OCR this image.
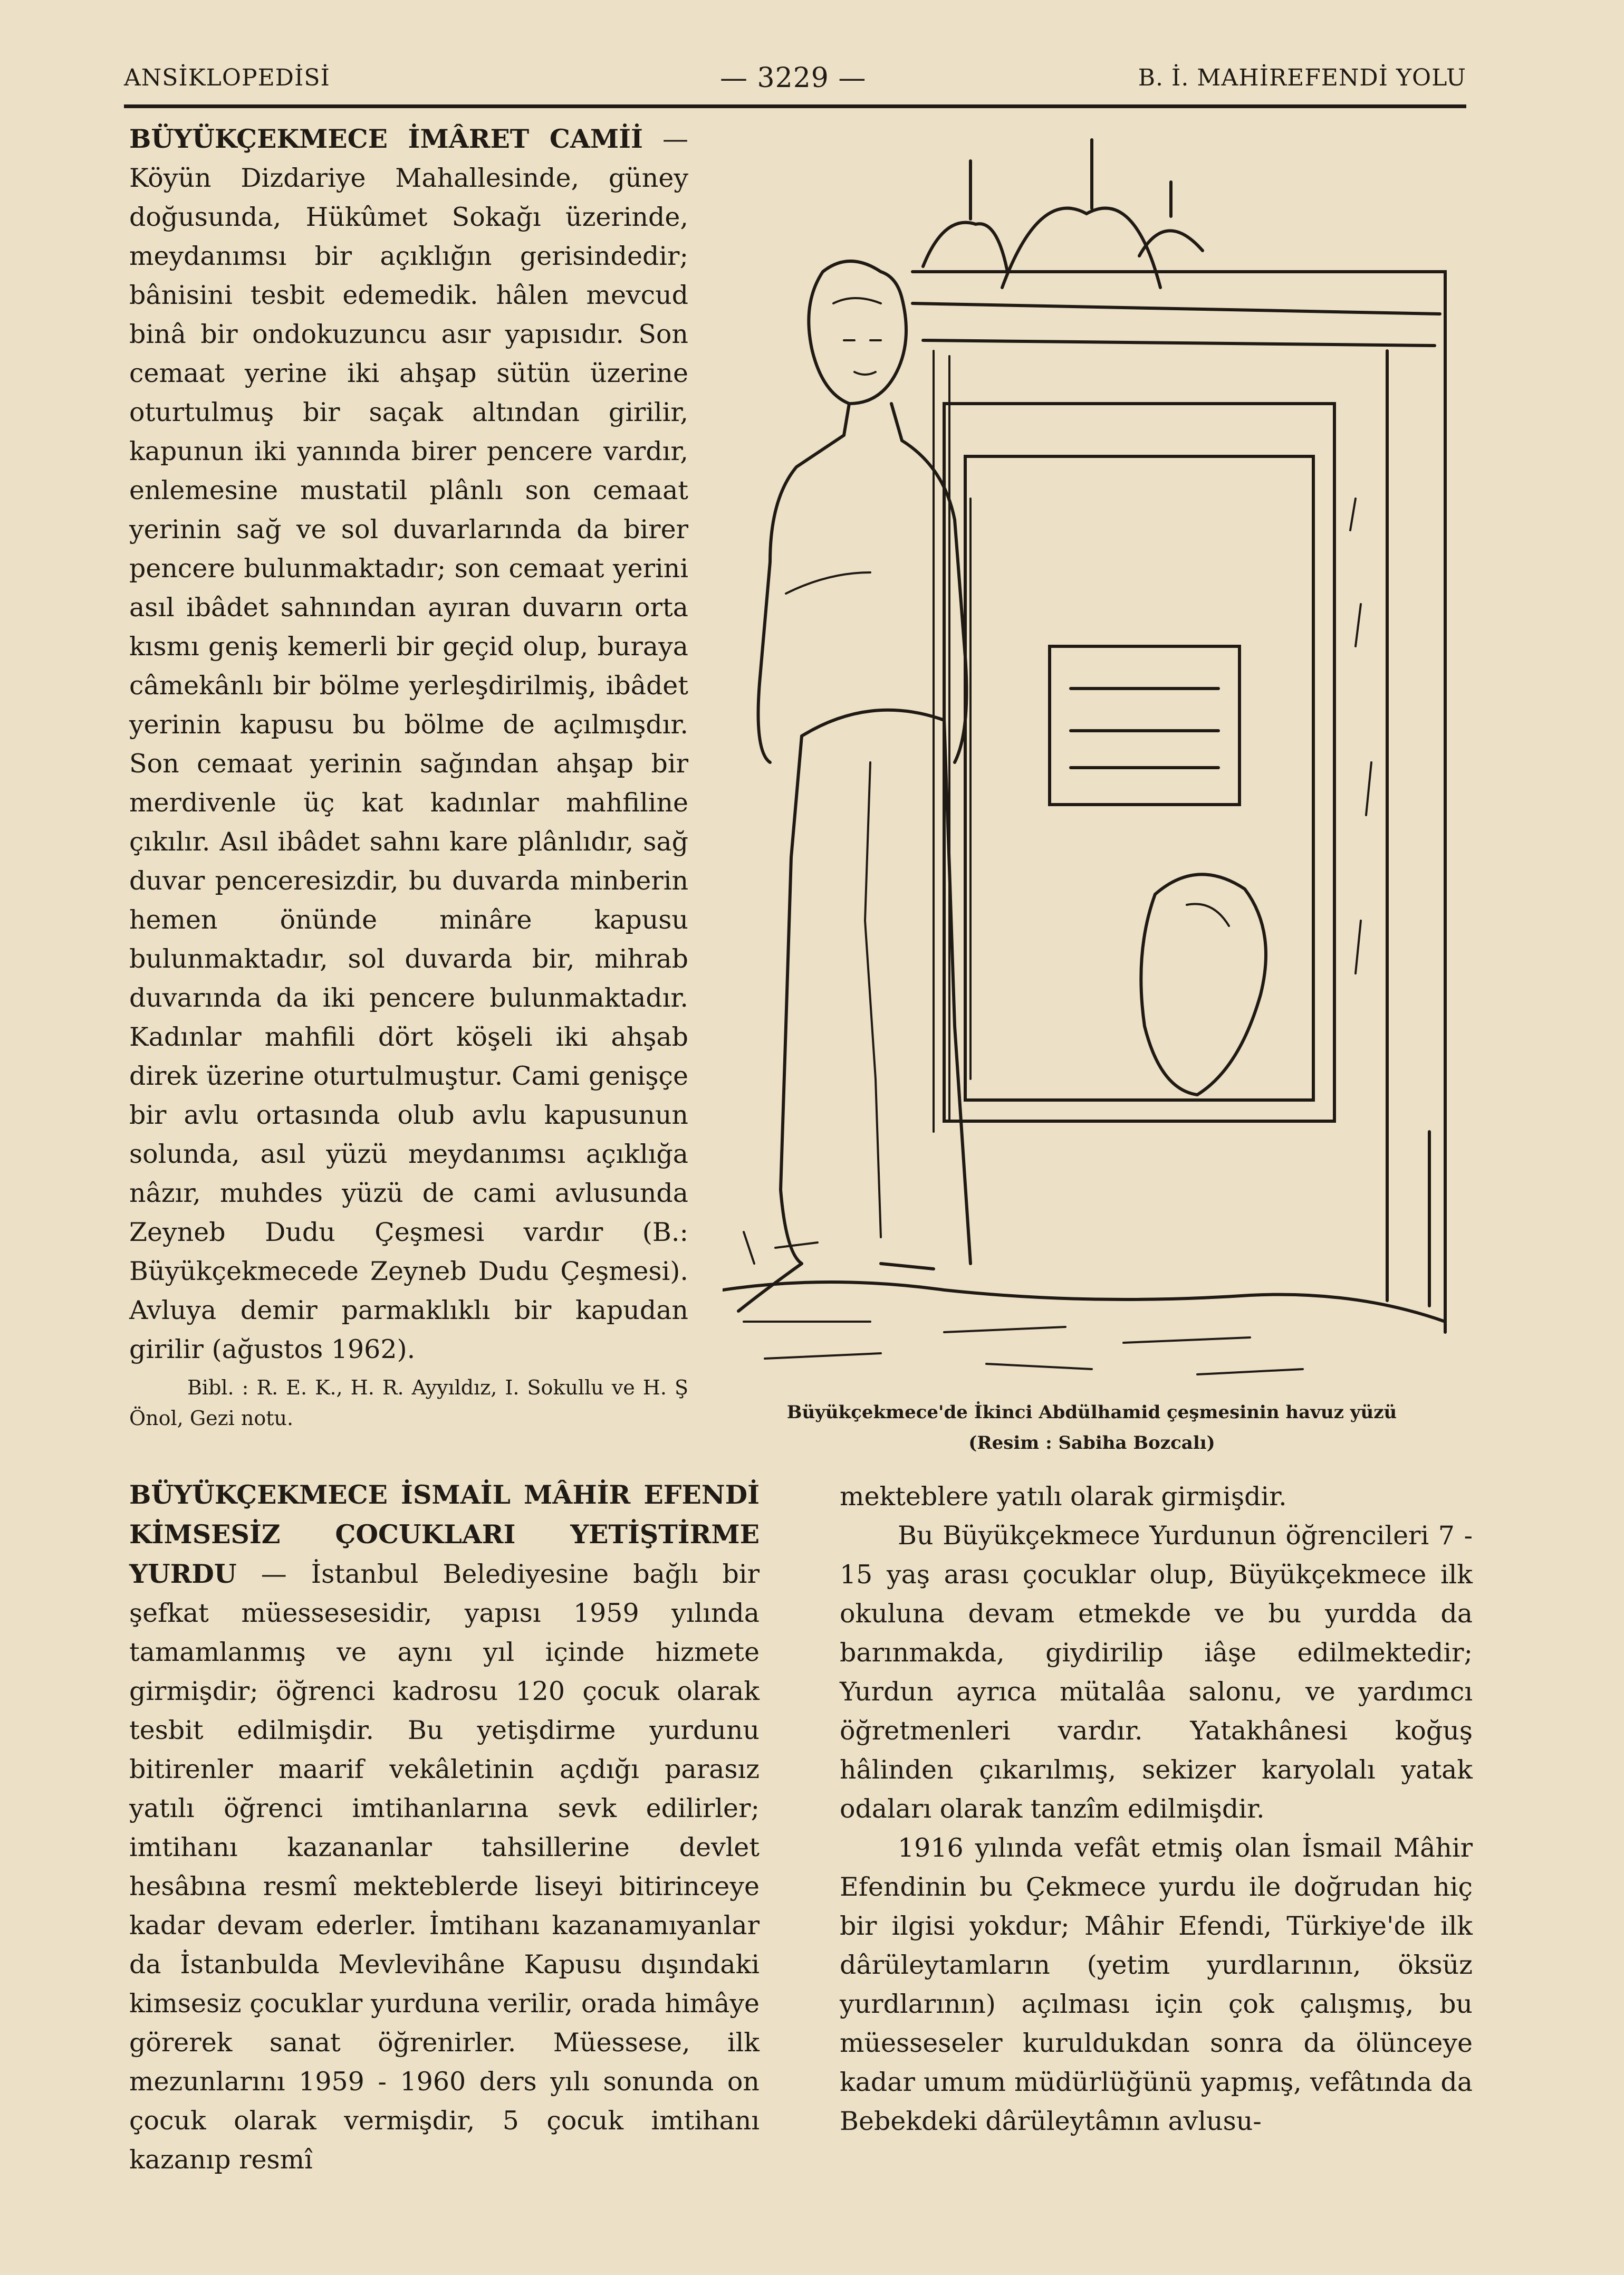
ANSİKLOPEDİSİ	— 3229 —	B. İ. MAHİREFENDİ YOLU

BÜYÜKÇEKMECE İMÂRET CAMİİ — Köyün Dizdariye Mahallesinde, güney doğusunda, Hükûmet Sokağı üzerinde, meydanımsı bir açıklığın gerisindedir; bânisini tesbit edemedik. hâlen mevcud binâ bir ondokuzuncu asır yapısıdır. Son cemaat yerine iki ahşap sütün üzerine oturtulmuş bir saçak altından girilir, kapunun iki yanında birer pencere vardır, enlemesine mustatil plânlı son cemaat yerinin sağ ve sol duvarlarında da birer pencere bulunmaktadır; son cemaat yerini asıl ibâdet sahnından ayıran duvarın orta kısmı geniş kemerli bir geçid olup, buraya câmekânlı bir bölme yerleşdirilmiş, ibâdet yerinin kapusu bu bölme de açılmışdır. Son cemaat yerinin sağından ahşap bir merdivenle üç kat kadınlar mahfiline çıkılır. Asıl ibâdet sahnı kare plânlıdır, sağ duvar penceresizdir, bu duvarda minberin hemen önünde minâre kapusu bulunmaktadır, sol duvarda bir, mihrab duvarında da iki pencere bulunmaktadır. Kadınlar mahfili dört köşeli iki ahşab direk üzerine oturtulmuştur. Cami genişçe bir avlu ortasında olub avlu kapusunun solunda, asıl yüzü meydanımsı açıklığa nâzır, muhdes yüzü de cami avlusunda Zeyneb Dudu Çeşmesi vardır (B.: Büyükçekmecede Zeyneb Dudu Çeşmesi). Avluya demir parmaklıklı bir kapudan girilir (ağustos 1962).

Bibl. : R. E. K., H. R. Ayyıldız, I. Sokullu ve H. Ş Önol, Gezi notu.	Büyükçekmece'de İkinci Abdülhamid çeşmesinin havuz yüzü
(Resim : Sabiha Bozcalı)

BÜYÜKÇEKMECE İSMAİL MÂHİR EFENDİ KİMSESİZ ÇOCUKLARI YETİŞTİRME YURDU — İstanbul Belediyesine bağlı bir şefkat müessesesidir, yapısı 1959 yılında tamamlanmış ve aynı yıl içinde hizmete girmişdir; öğrenci kadrosu 120 çocuk olarak tesbit edilmişdir. Bu yetişdirme yurdunu bitirenler maarif vekâletinin açdığı parasız yatılı öğrenci imtihanlarına sevk edilirler; imtihanı kazananlar tahsillerine devlet hesâbına resmî mekteblerde liseyi bitirinceye kadar devam ederler. İmtihanı kazanamıyanlar da İstanbulda Mevlevihâne Kapusu dışındaki kimsesiz çocuklar yurduna verilir, orada himâye görerek sanat öğrenirler. Müessese, ilk mezunlarını 1959 - 1960 ders yılı sonunda on çocuk olarak vermişdir, 5 çocuk imtihanı kazanıp resmî

mekteblere yatılı olarak girmişdir.

Bu Büyükçekmece Yurdunun öğrencileri 7 - 15 yaş arası çocuklar olup, Büyükçekmece ilk okuluna devam etmekde ve bu yurdda da barınmakda, giydirilip iâşe edilmektedir; Yurdun ayrıca mütalâa salonu, ve yardımcı öğretmenleri vardır. Yatakhânesi koğuş hâlinden çıkarılmış, sekizer karyolalı yatak odaları olarak tanzîm edilmişdir.

1916 yılında vefât etmiş olan İsmail Mâhir Efendinin bu Çekmece yurdu ile doğrudan hiç bir ilgisi yokdur; Mâhir Efendi, Türkiye'de ilk dârüleytamların (yetim yurdlarının, öksüz yurdlarının) açılması için çok çalışmış, bu müesseseler kuruldukdan sonra da ölünceye kadar umum müdürlüğünü yapmış, vefâtında da Bebekdeki dârüleytâmın avlusu-
